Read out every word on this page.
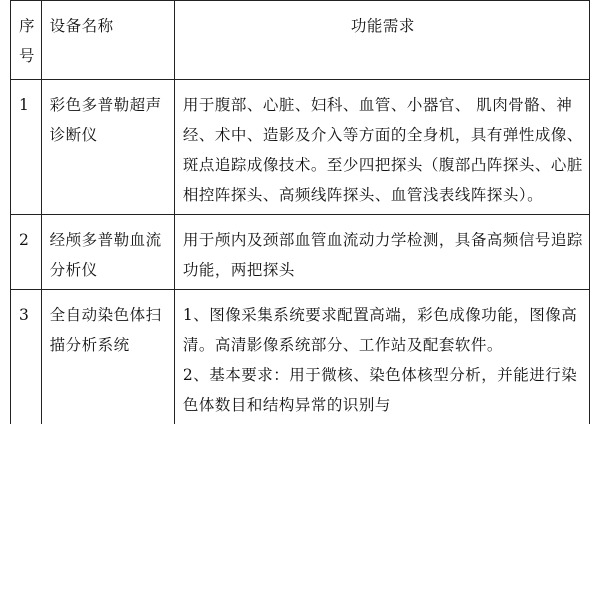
序号	设备名称	功能需求
1	彩色多普勒超声诊断仪	用于腹部、心脏、妇科、血管、小器官、 肌肉骨骼、神经、术中、造影及介入等方面的全身机，具有弹性成像、斑点追踪成像技术。至少四把探头（腹部凸阵探头、心脏相控阵探头、高频线阵探头、血管浅表线阵探头）。

2	经颅多普勒血流分析仪	用于颅内及颈部血管血流动力学检测，具备高频信号追踪功能，两把探头

3	全自动染色体扫描分析系统	1、图像采集系统要求配置高端，彩色成像功能，图像高清。高清影像系统部分、工作站及配套软件。
2、基本要求：用于微核、染色体核型分析，并能进行染色体数目和结构异常的识别与
